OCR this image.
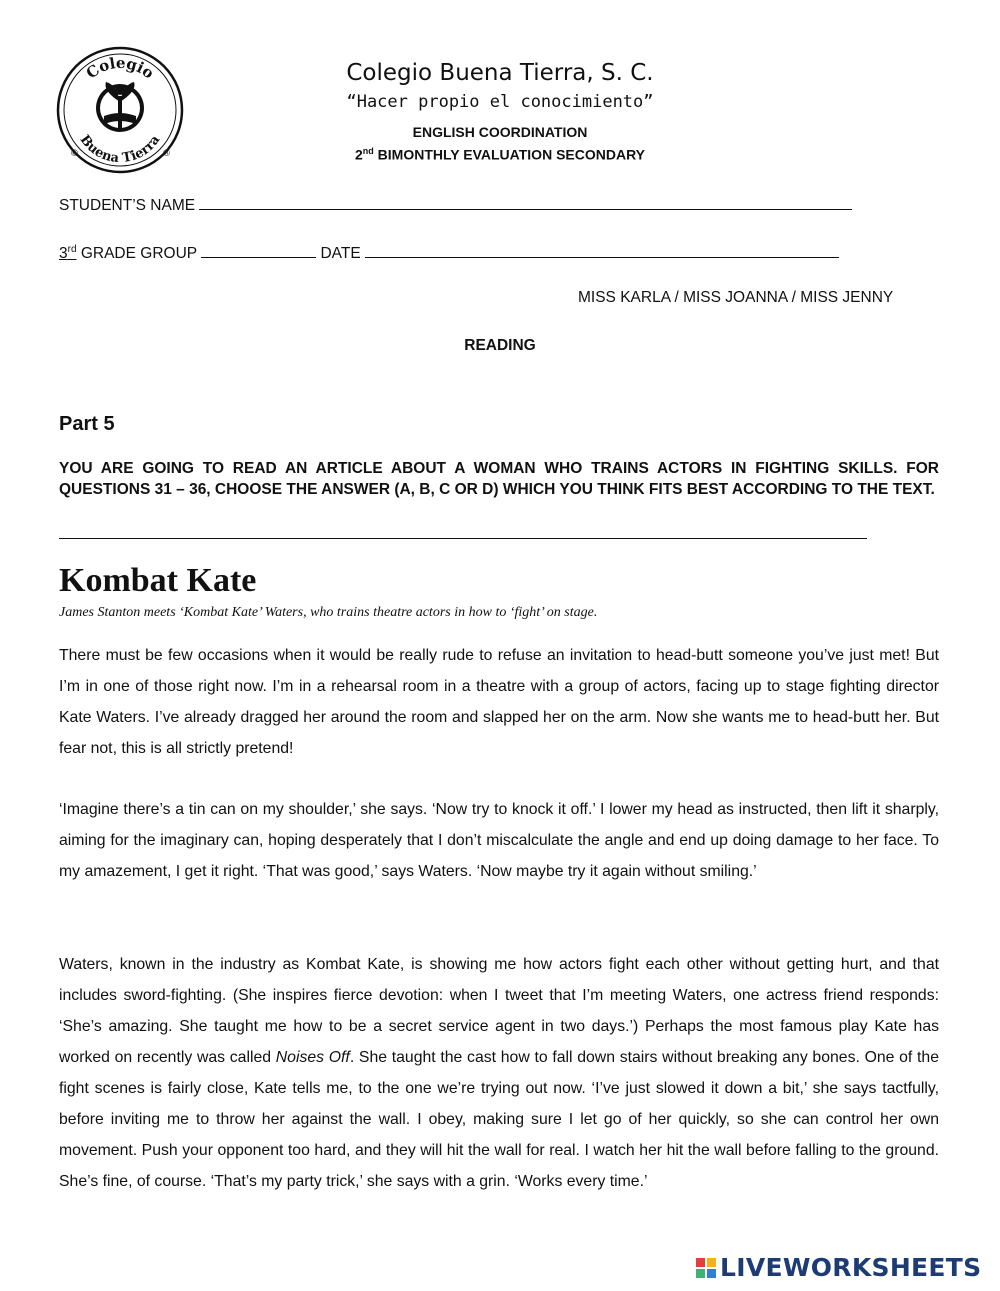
Colegio
Buena Tierra
©	®
Colegio Buena Tierra, S. C.
“Hacer propio el conocimiento”
ENGLISH COORDINATION
2nd BIMONTHLY EVALUATION SECONDARY
STUDENT’S NAME
3rd GRADE GROUP	DATE
MISS KARLA / MISS JOANNA / MISS JENNY
READING
Part 5
YOU ARE GOING TO READ AN ARTICLE ABOUT A WOMAN WHO TRAINS ACTORS IN FIGHTING SKILLS. FOR QUESTIONS 31 – 36, CHOOSE THE ANSWER (A, B, C OR D) WHICH YOU THINK FITS BEST ACCORDING TO THE TEXT.
Kombat Kate
James Stanton meets ‘Kombat Kate’ Waters, who trains theatre actors in how to ‘fight’ on stage.

There must be few occasions when it would be really rude to refuse an invitation to head-butt someone you’ve just met! But I’m in one of those right now. I’m in a rehearsal room in a theatre with a group of actors, facing up to stage fighting director Kate Waters. I’ve already dragged her around the room and slapped her on the arm. Now she wants me to head-butt her. But fear not, this is all strictly pretend!

‘Imagine there’s a tin can on my shoulder,’ she says. ‘Now try to knock it off.’ I lower my head as instructed, then lift it sharply, aiming for the imaginary can, hoping desperately that I don’t miscalculate the angle and end up doing damage to her face. To my amazement, I get it right. ‘That was good,’ says Waters. ‘Now maybe try it again without smiling.’

Waters, known in the industry as Kombat Kate, is showing me how actors fight each other without getting hurt, and that includes sword-fighting. (She inspires fierce devotion: when I tweet that I’m meeting Waters, one actress friend responds: ‘She’s amazing. She taught me how to be a secret service agent in two days.’) Perhaps the most famous play Kate has worked on recently was called Noises Off. She taught the cast how to fall down stairs without breaking any bones. One of the fight scenes is fairly close, Kate tells me, to the one we’re trying out now. ‘I’ve just slowed it down a bit,’ she says tactfully, before inviting me to throw her against the wall. I obey, making sure I let go of her quickly, so she can control her own movement. Push your opponent too hard, and they will hit the wall for real. I watch her hit the wall before falling to the ground. She’s fine, of course. ‘That’s my party trick,’ she says with a grin. ‘Works every time.’

LIVEWORKSHEETS
